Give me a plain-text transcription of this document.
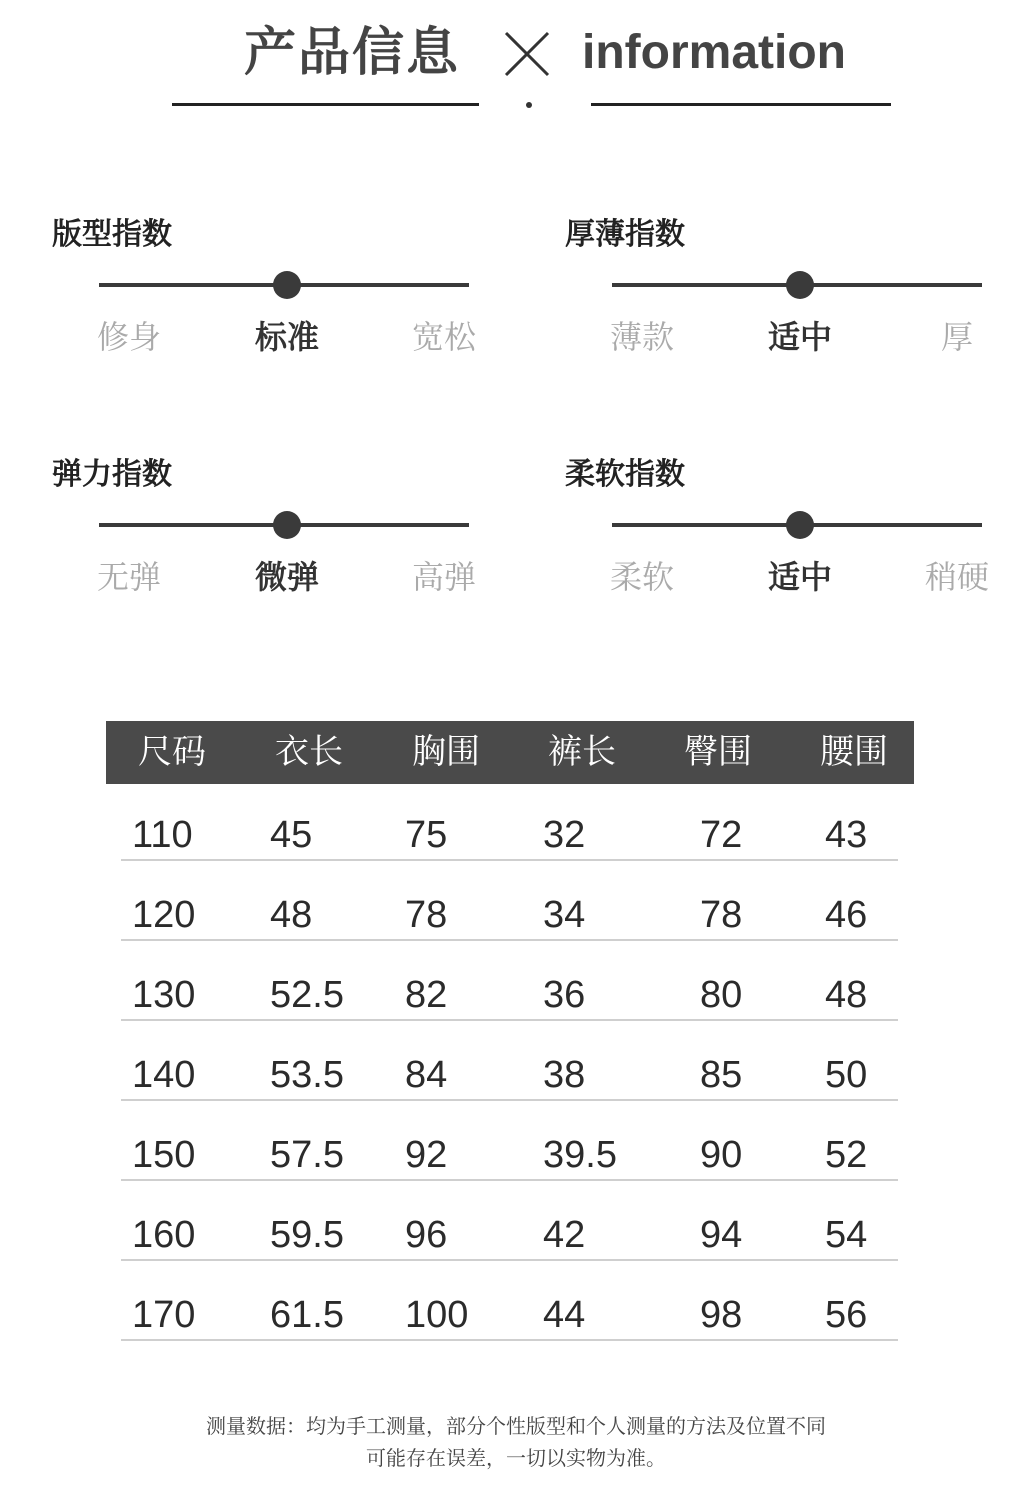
产品信息	information
版型指数
修身	标准	宽松
厚薄指数
薄款	适中	厚
弹力指数
无弹	微弹	高弹
柔软指数
柔软	适中	稍硬
尺码 衣长 胸围 裤长 臀围 腰围
110 45 75	32	72 43
120 48 78	34	78 46
130 52.5 82	36	80 48
140 53.5 84	38	85 50
150 57.5 92	39.5 90 52
160 59.5 96	42	94 54
170 61.5 100 44	98 56
测量数据：均为手工测量，部分个性版型和个人测量的方法及位置不同
可能存在误差，一切以实物为准。
